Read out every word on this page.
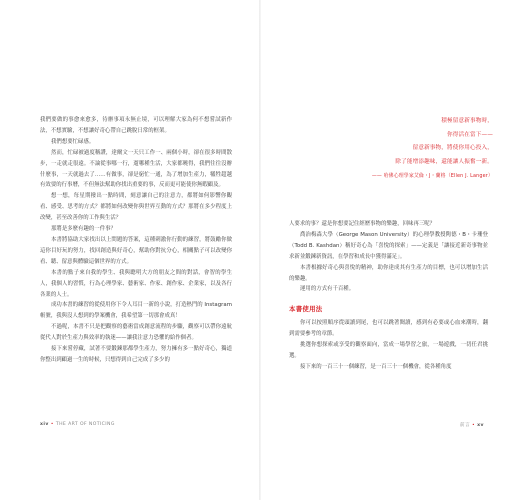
我們要做的事愈來愈多，待辦事項永無止境，可以理解大家為何不想嘗試新作法，不想實驗，不想讓好奇心帶自己跳脫日常的框架。

我們想要忙碌感。

然而，忙碌被過度稱讚，達爾文一天只工作一、兩個小時，卻在很多時間散步，一走就走很遠。不論從事哪一行，遛哪種生活，大家都曉得，我們往往沒辦什麼事，一天就過去了……有做事，卻是窮忙一通，為了增加生產力，犧牲超越有效要的行事曆，不但無法幫助你找出重要的事，反而更可能使你無暇顧及。

想一想，每星期撥出一點時間，刻意讓自己的注意力，都將如何影響你觀看、感受、思考的方式？都將如何改變你與世界互動的方式？那將在多少程度上改變，甚至改善你的工作與生活？

那將是多麼有趣的一件事？

本書將協助大家找出以上問題的答案，這種刺激你行動的練習，將鼓勵你做這你目好玩的努力，找回創造與好奇心，幫助你對抗分心，相關點子可以改變你看、聽、留意與體驗這個世界的方式。

本書的點子來自我的學生、我與聰明大方的朋友之間的對話，會智的學生人，我個人的習慣，行為心理學家、藝術家、作家、創作家、企業家，以及各行各業的人士。

成功本書的練習的從使用你下令人耳目一新的小說，打造熱門的 Instagram 帳號，我與沒人想到的學案機會，我希望第一切那會成真！

不過呢，本書不只是把觀察的藝術當成創意流程的步驟，觀察可以帶你遠航從代人對於生產力與效率的執迷——讓我注意力恐懼的給作個者。

接下來嘗停藏，試著不要鍛鍊那都學生產力，努力擁有多一點好奇心，獨道你整出到顧過一生的時候，只想得到自己完成了多少的

xiv • THE ART OF NOTICING
積極留意新事物時，
你得活在當下——
留意新事物，將使你用心投入，
除了能增添趣味，還能讓人振奮一新。
—— 哈佛心理學家艾倫・J・蘭格（Ellen J. Langer）

人要求的事？還是你想要記住經歷事物的樂趣，回味再三呢？

喬治梅森大學（George Mason University）的心理學教授陶德・B・卡珊登（Todd B. Kashdan）稱好奇心為「喜悅的探索」——定義是「讓接近新奇事物並求新並鍛鍊新資訊，在學習和成長中獲得滿足」。

本書根據好奇心與喜悅的精神，助你達成其有生產力的目標，也可以增加生活的樂趣。

運用的方式有千百種。

本書使用法

你可以按照順序從頭讀到尾，也可以跳著閱讀，感到有必要或心血來潮時，翻到需要參考的章節。

挑選你想探索或享受的觀察面向，當成一場學習之旅，一場遊戲，一切任君挑選。

接下來的一百三十一個練習，是一百三十一個機會，從各種角度

前言 • xv
